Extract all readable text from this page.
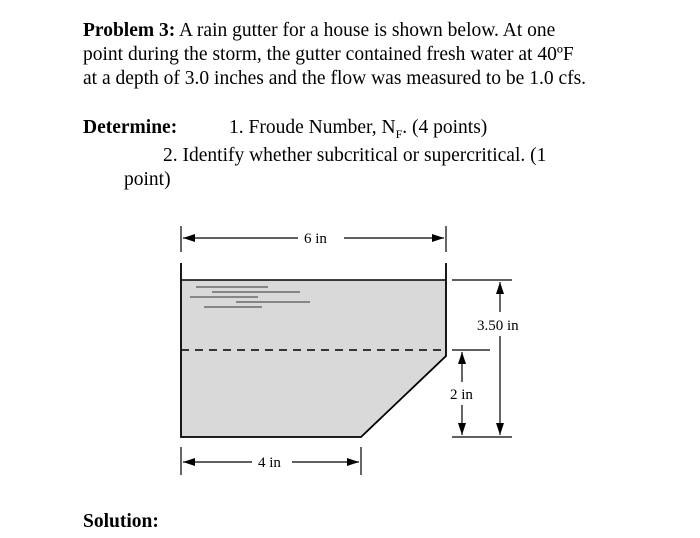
Problem 3: A rain gutter for a house is shown below. At one
point during the storm, the gutter contained fresh water at 40ºF
at a depth of 3.0 inches and the flow was measured to be 1.0 cfs.
Determine:	1. Froude Number, $N_F$. (4 points)
2. Identify whether subcritical or supercritical. (1
point)
6 in
4 in
3.50 in
2 in
Solution:
